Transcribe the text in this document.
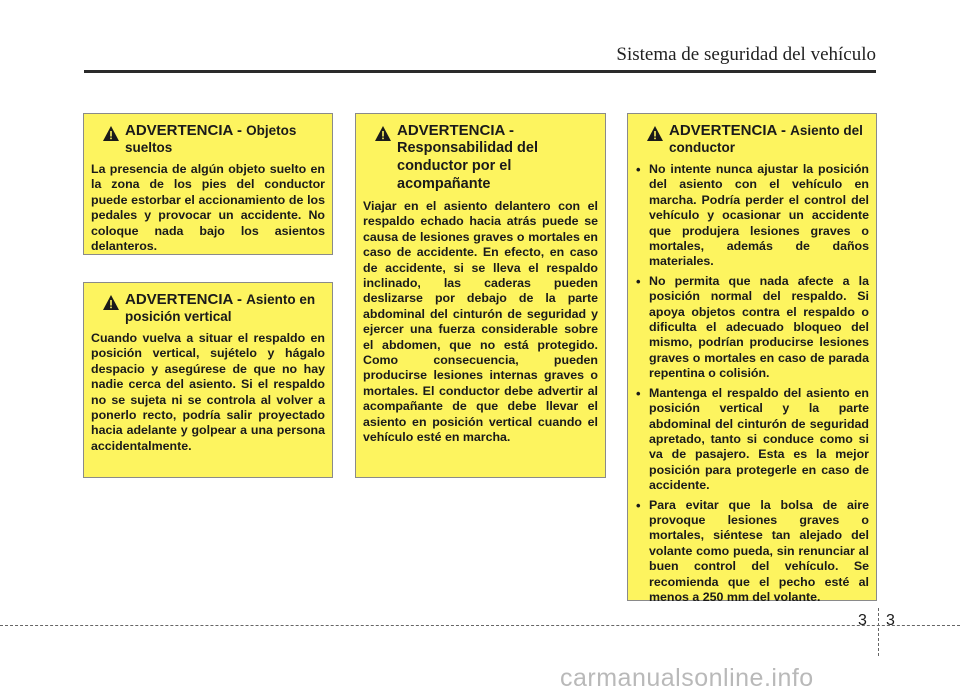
Sistema de seguridad del vehículo
ADVERTENCIA - Objetos sueltos
La presencia de algún objeto suelto en la zona de los pies del conductor puede estorbar el accionamiento de los pedales y provocar un accidente. No coloque nada bajo los asientos delanteros.
ADVERTENCIA - Asiento en posición vertical
Cuando vuelva a situar el respaldo en posición vertical, sujételo y hágalo despacio y asegúrese de que no hay nadie cerca del asiento. Si el respaldo no se sujeta ni se controla al volver a ponerlo recto, podría salir proyectado hacia adelante y golpear a una persona accidentalmente.
ADVERTENCIA - Responsabilidad del conductor por el acompañante
Viajar en el asiento delantero con el respaldo echado hacia atrás puede se causa de lesiones graves o mortales en caso de accidente. En efecto, en caso de accidente, si se lleva el respaldo inclinado, las caderas pueden deslizarse por debajo de la parte abdominal del cinturón de seguridad y ejercer una fuerza considerable sobre el abdomen, que no está protegido. Como consecuencia, pueden producirse lesiones internas graves o mortales. El conductor debe advertir al acompañante de que debe llevar el asiento en posición vertical cuando el vehículo esté en marcha.
ADVERTENCIA - Asiento del conductor
• No intente nunca ajustar la posición del asiento con el vehículo en marcha. Podría perder el control del vehículo y ocasionar un accidente que produjera lesiones graves o mortales, además de daños materiales.
• No permita que nada afecte a la posición normal del respaldo. Si apoya objetos contra el respaldo o dificulta el adecuado bloqueo del mismo, podrían producirse lesiones graves o mortales en caso de parada repentina o colisión.
• Mantenga el respaldo del asiento en posición vertical y la parte abdominal del cinturón de seguridad apretado, tanto si conduce como si va de pasajero. Esta es la mejor posición para protegerle en caso de accidente.
• Para evitar que la bolsa de aire provoque lesiones graves o mortales, siéntese tan alejado del volante como pueda, sin renunciar al buen control del vehículo. Se recomienda que el pecho esté al menos a 250 mm del volante.
3 3
carmanualsonline.info
